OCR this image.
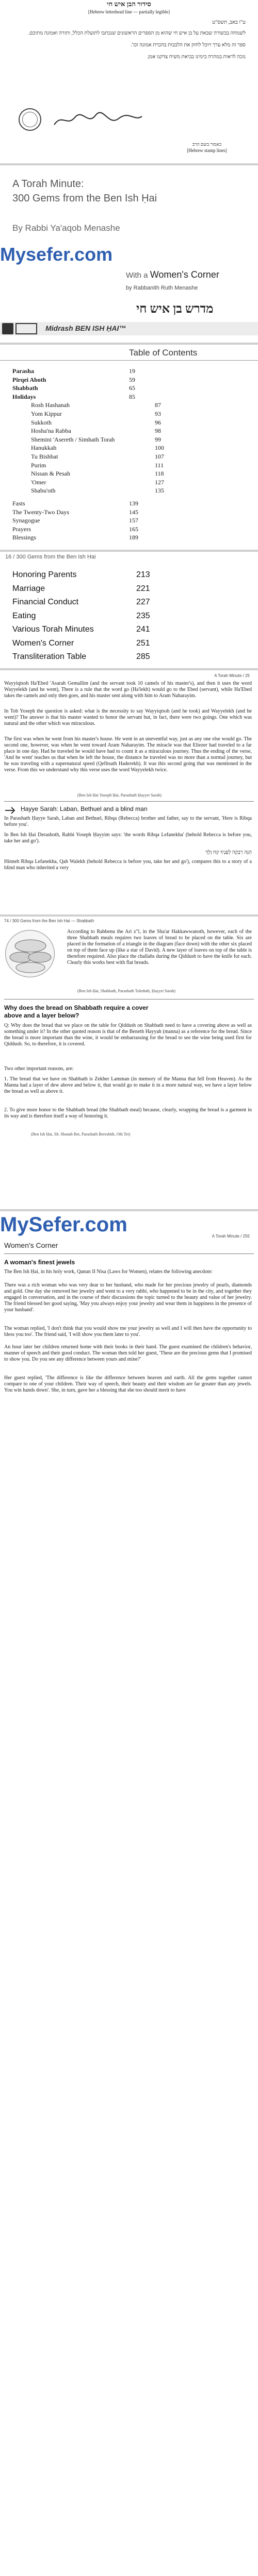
סידור הבן איש חי
[Hebrew letterhead line — partially legible]
ט"ו באב, תשס"ט
לשמחה בבשורה שבאת על בן איש חי שהוא מן הספרים הראשונים שנכתבו לתועלת הכלל, ותורה ואמונה מתוכם.
ספר זה מלא ערך ויוכל לחזק את הלבבות בהכרת אמונה וכו'.
נזכה לראות במהרה בימינו בביאת משיח צדקנו אמן.
כאמור בשם הרב
[Hebrew stamp lines]
A Torah Minute:
300 Gems from the Ben Ish Ḥai
By Rabbi Ya'aqob Menashe
Mysefer.com
With a Women's Corner
by Rabbanith Ruth Menashe
מדרש בן איש חי
Midrash BEN ISH ḤAI™
Table of Contents
Parasha	19
Pirqei Aboth	59
Shabbath	65
Holidays	85
Rosh Hashanah	87
Yom Kippur	93
Sukkoth	96
Hosha'na Rabba	98
Shemini 'Asereth / Simhath Torah	99
Hanukkah	100
Tu Bishbat	107
Purim	111
Nissan & Pesah	118
'Omer	127
Shabu'oth	135
Fasts	139
The Twenty-Two Days	145
Synagogue	157
Prayers	165
Blessings	189
16 / 300 Gems from the Ben Ish Ḥai
Honoring Parents	213
Marriage	221
Financial Conduct	227
Eating	235
Various Torah Minutes	241
Women's Corner	251
Transliteration Table	285
A Torah Minute / 25
Wayyiqtsoh Ha'Ebed 'Asarah Gemallim (and the servant took 10 camels of his master's), and then it uses the word Wayyelekh (and he went), There is a rule that the word go (Ha'lekh) would go to the Ebed (servant), while Ha'Ebed takes the camels and only then goes, and his master sent along with him to Aram Naharayim.
In Tob Yoseph the question is asked: what is the necessity to say Wayyiqtsoh (and he took) and Wayyelekh (and he went)? The answer is that his master wanted to honor the servant but, in fact, there were two goings. One which was natural and the other which was miraculous.
The first was when he went from his master's house. He went in an uneventful way, just as any one else would go. The second one, however, was when he went toward Aram Naharayim. The miracle was that Eliezer had traveled to a far place in one day. Had he traveled he would have had to count it as a miraculous journey. Thus the ending of the verse, 'And he went' teaches us that when he left the house, the distance he traveled was no more than a normal journey, but he was traveling with a supernatural speed (Qefitsath Haderekh). It was this second going that was mentioned in the verse. From this we understand why this verse uses the word Wayyelekh twice.
(Ben Ish Ḥai Yoseph Ḥai, Parashath Ḥayyei Sarah)
Ḥayye Sarah: Laban, Bethuel and a blind man
In Parashath Ḥayye Sarah, Laban and Bethuel, Ribqa (Rebecca) brother and father, say to the servant, 'Here is Ribqa before you'.
In Ben Ish Ḥai Derashoth, Rabbi Yoseph Ḥayyim says: 'the words Ribqa Lefanekha' (behold Rebecca is before you, take her and go').
הִנֵּה רִבְקָה לְפָנֶיךָ קַח וָלֵךְ
Hinneh Ribqa Lefanekha, Qah Walekh (behold Rebecca is before you, take her and go'), compares this to a story of a blind man who inherited a very
74 / 300 Gems from the Ben Ish Ḥai — Shabbath
According to Rabbenu the Ari z"l, in the Sha'ar Hakkawwanoth, however, each of the three Shabbath meals requires two loaves of bread to be placed on the table. Six are placed in the formation of a triangle in the diagram (face down) with the other six placed on top of them face up (like a star of David). A new layer of loaves on top of the table is therefore required. Also place the challahs during the Qiddush to have the knife for each. Clearly this works best with flat breads.
(Ben Ish Ḥai, Shabbath, Parashath Toledoth, Ḥayyei Sarah)
Why does the bread on Shabbath require a cover above and a layer below?
Q: Why does the bread that we place on the table for Qiddush on Shabbath need to have a covering above as well as something under it? In the other quoted reason is that of the Beneth Hayyah (manna) as a reference for the bread. Since the bread is more important than the wine, it would be embarrassing for the bread to see the wine being used first for Qiddush. So, to therefore, it is covered.
Two other important reasons, are:
1. The bread that we have on Shabbath is Zekher Lamman (in memory of the Manna that fell from Heaven). As the Manna had a layer of dew above and below it, that would go to make it in a more natural way, we have a layer below the bread as well as above it.
2. To give more honor to the Shabbath bread (the Shabbath meal) because, clearly, wrapping the bread is a garment in its way and is therefore itself a way of honoring it.
(Ben Ish Ḥai, Sh. Shanah Bet, Parashath Bereshith, Oth Tet)
MySefer.com
A Torah Minute / 255
Women's Corner
A woman's finest jewels
The Ben Ish Ḥai, in his holy work, Qanun II Nisa (Laws for Women), relates the following anecdote:
There was a rich woman who was very dear to her husband, who made for her precious jewelry of pearls, diamonds and gold. One day she removed her jewelry and went to a very rabbi, who happened to be in the city, and together they engaged in conversation, and in the course of their discussions the topic turned to the beauty and value of her jewelry. The friend blessed her good saying, 'May you always enjoy your jewelry and wear them in happiness in the presence of your husband'.
The woman replied, 'I don't think that you would show me your jewelry as well and I will then have the opportunity to bless you too'. The friend said, 'I will show you them later to you'.
An hour later her children returned home with their books in their hand. The guest examined the children's behavior, manner of speech and their good conduct. The woman then told her guest, 'These are the precious gems that I promised to show you. Do you see any difference between yours and mine?'
Her guest replied, 'The difference is like the difference between heaven and earth. All the gems together cannot compare to one of your children. Their way of speech, their beauty and their wisdom are far greater than any jewels. You win hands down'. She, in turn, gave her a blessing that she too should merit to have
